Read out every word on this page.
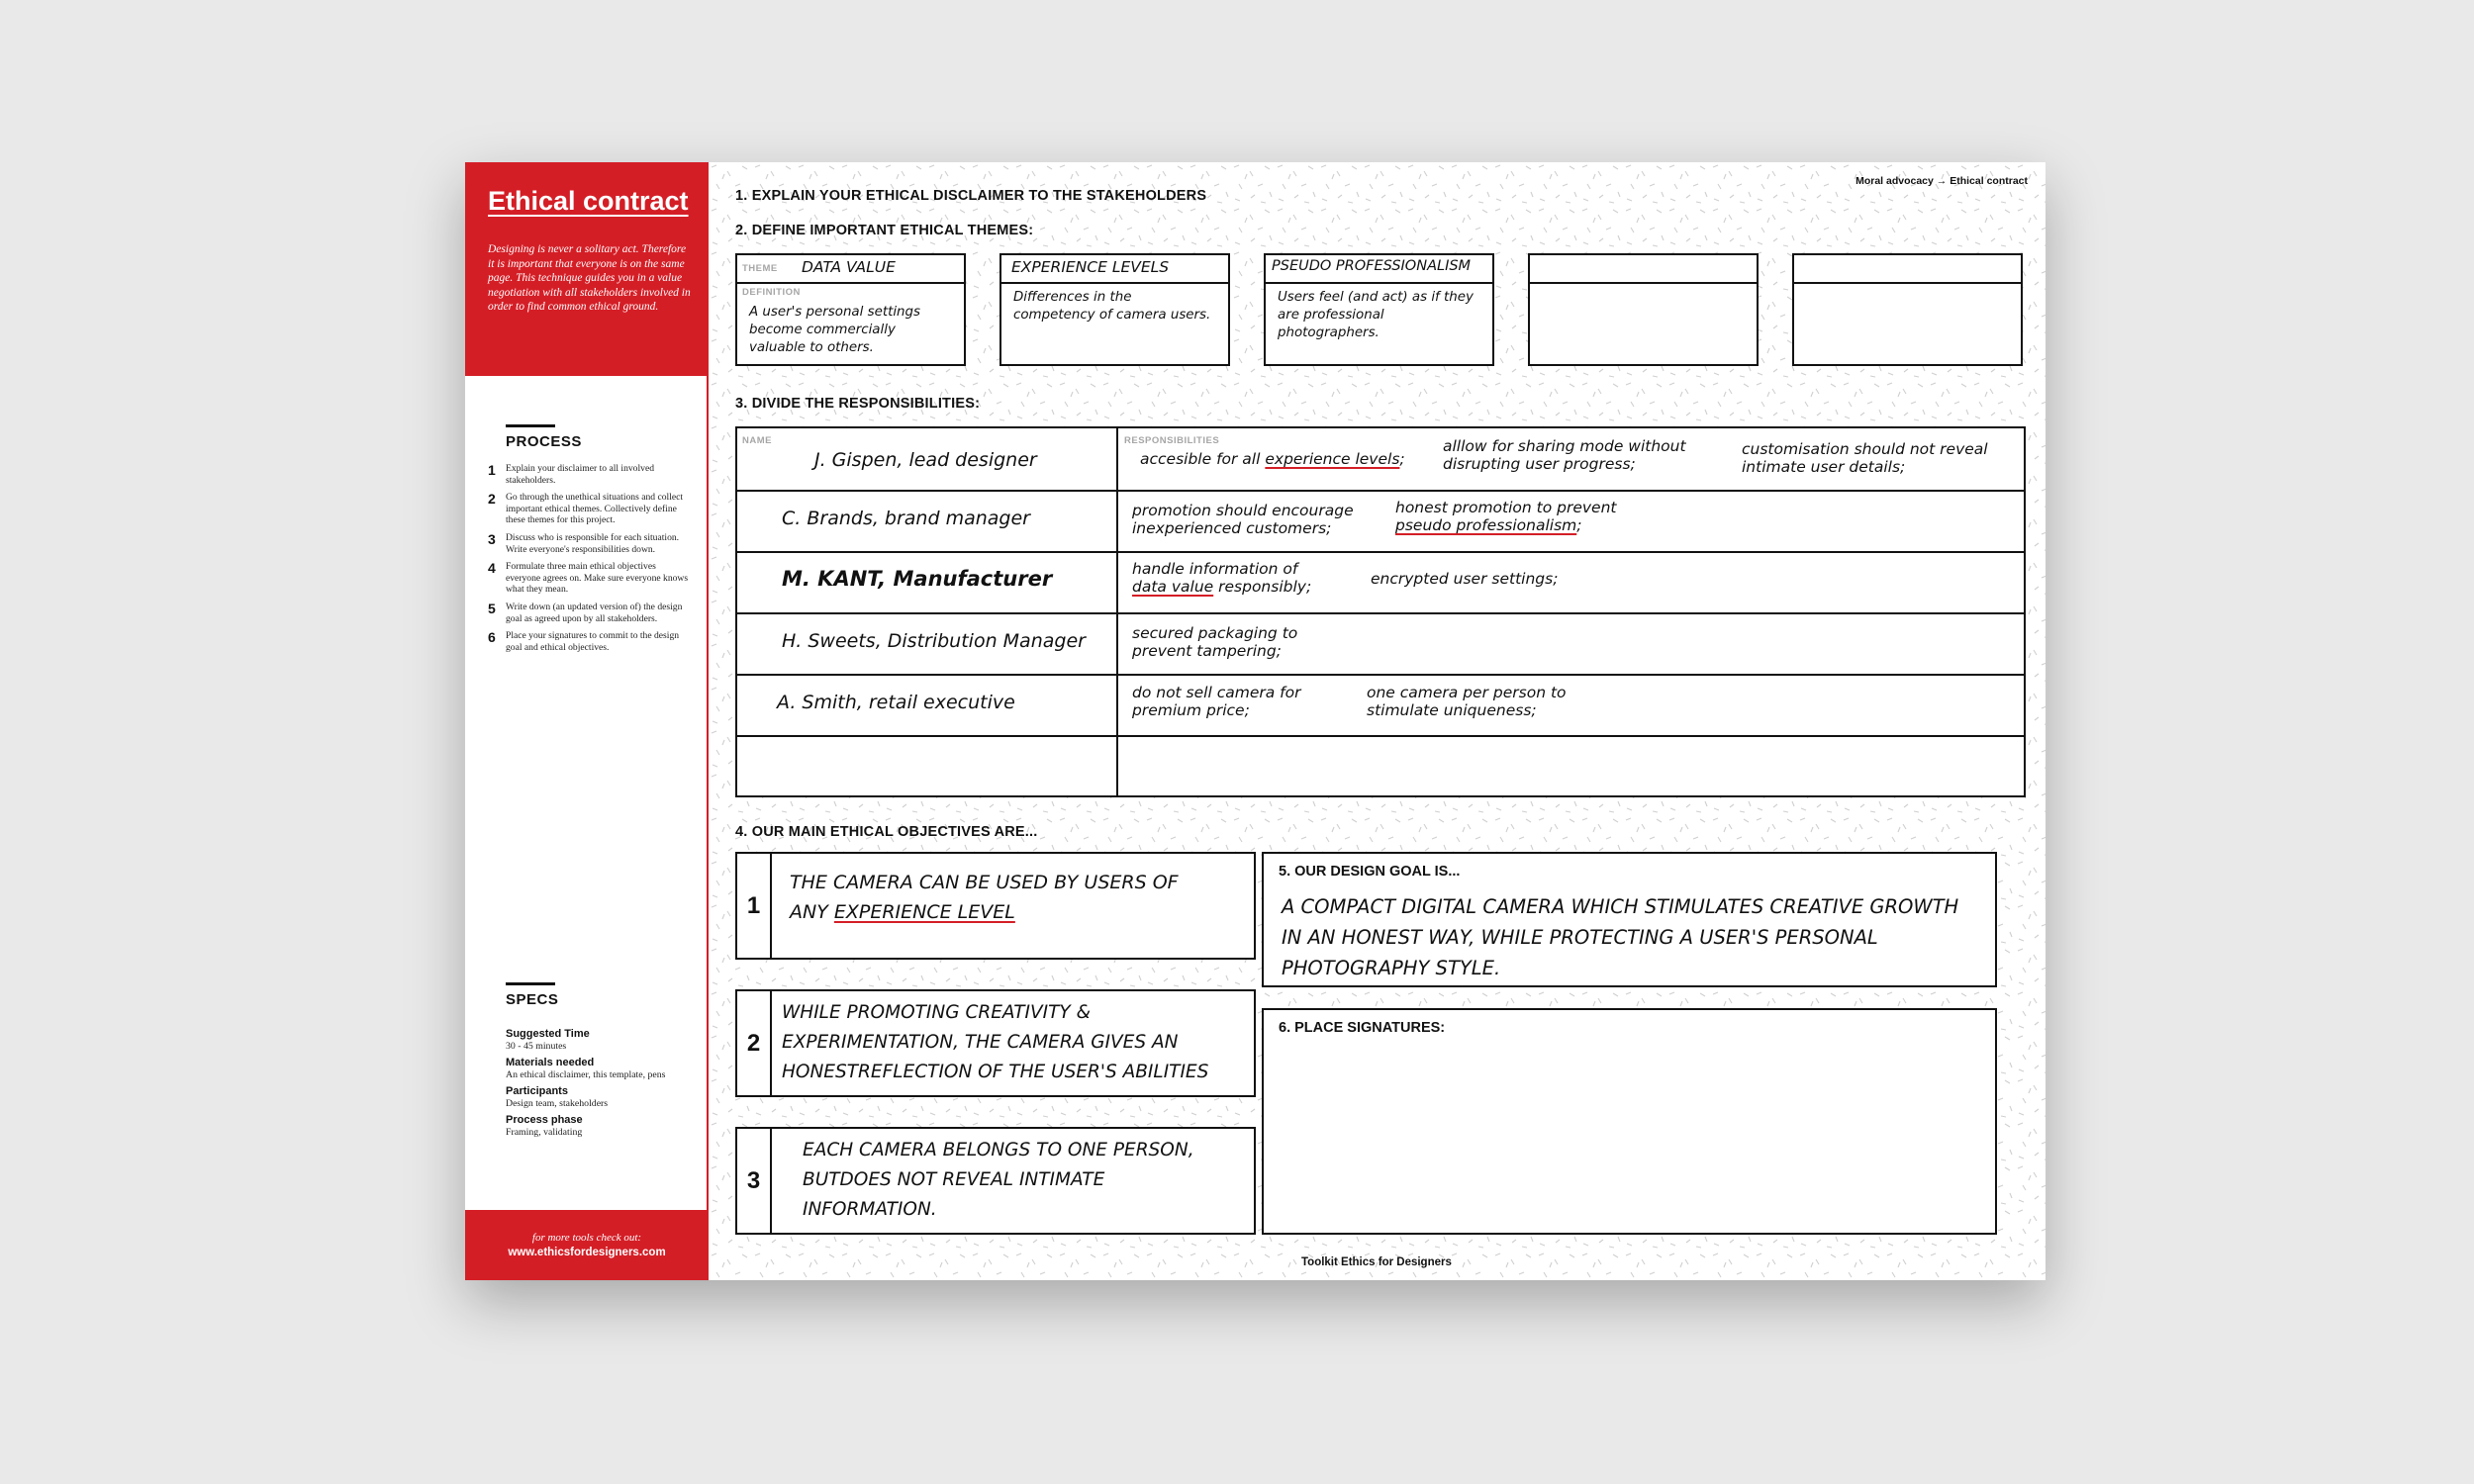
Ethical contract
Designing is never a solitary act. Therefore it is important that everyone is on the same page. This technique guides you in a value negotiation with all stakeholders involved in order to find common ethical ground.
PROCESS
1	Explain your disclaimer to all involved stakeholders.
2	Go through the unethical situations and collect important ethical themes. Collectively define these themes for this project.
3	Discuss who is responsible for each situation. Write everyone's responsibilities down.
4	Formulate three main ethical objectives everyone agrees on. Make sure everyone knows what they mean.
5	Write down (an updated version of) the design goal as agreed upon by all stakeholders.
6	Place your signatures to commit to the design goal and ethical objectives.
SPECS
Suggested Time
30 - 45 minutes
Materials needed
An ethical disclaimer, this template, pens
Participants
Design team, stakeholders
Process phase
Framing, validating
for more tools check out:
www.ethicsfordesigners.com
Moral advocacy → Ethical contract
1. EXPLAIN YOUR ETHICAL DISCLAIMER TO THE STAKEHOLDERS
2. DEFINE IMPORTANT ETHICAL THEMES:
THEME DATA VALUE
DEFINITION
A user's personal settings become commercially valuable to others.
EXPERIENCE LEVELS
Differences in the competency of camera users.
PSEUDO PROFESSIONALISM
Users feel (and act) as if they are professional photographers.
3. DIVIDE THE RESPONSIBILITIES:
NAME	RESPONSIBILITIES
J. Gispen, lead designer	accesible for all experience levels;
alllow for sharing mode without
disrupting user progress;
customisation should not reveal
intimate user details;
C. Brands, brand manager	promotion should encourage
inexperienced customers;
honest promotion to prevent
pseudo professionalism;
M. KANT, Manufacturer	handle information of
data value responsibly;	encrypted user settings;
H. Sweets, Distribution Manager	secured packaging to
prevent tampering;
A. Smith, retail executive	do not sell camera for
premium price;
one camera per person to
stimulate uniqueness;
4. OUR MAIN ETHICAL OBJECTIVES ARE...
1
THE CAMERA CAN BE USED BY USERS OF
ANY EXPERIENCE LEVEL
2
WHILE PROMOTING CREATIVITY &
EXPERIMENTATION, THE CAMERA GIVES AN
HONESTREFLECTION OF THE USER'S ABILITIES
3
EACH CAMERA BELONGS TO ONE PERSON,
BUTDOES NOT REVEAL INTIMATE
INFORMATION.
5. OUR DESIGN GOAL IS...
A COMPACT DIGITAL CAMERA WHICH STIMULATES CREATIVE GROWTH IN AN HONEST WAY, WHILE PROTECTING A USER'S PERSONAL PHOTOGRAPHY STYLE.
6. PLACE SIGNATURES:
Toolkit Ethics for Designers
